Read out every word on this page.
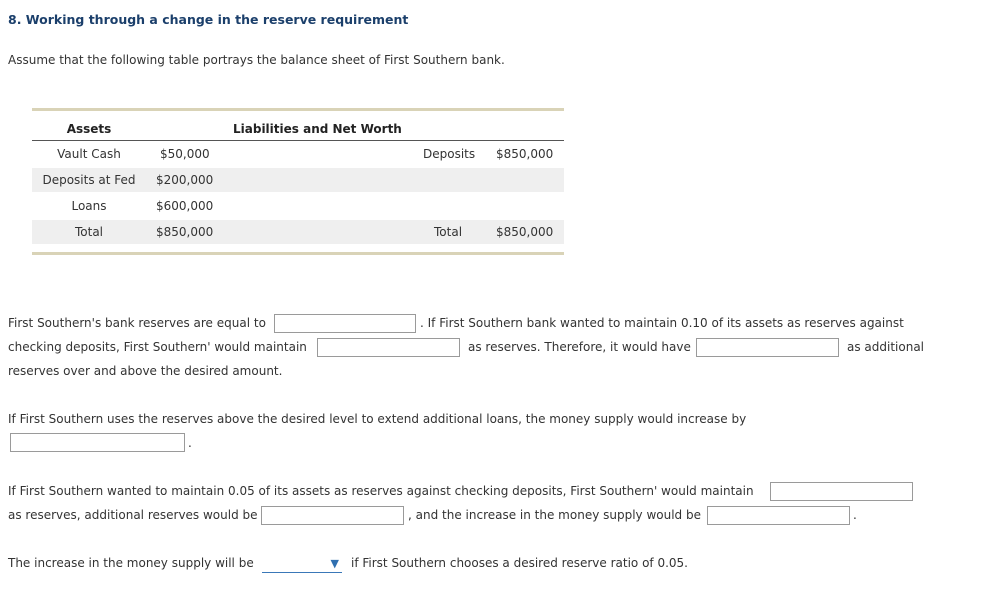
8. Working through a change in the reserve requirement
Assume that the following table portrays the balance sheet of First Southern bank.
Assets	Liabilities and Net Worth
Vault Cash	$50,000	Deposits $850,000
Deposits at Fed	$200,000
Loans	$600,000
Total	$850,000	Total	$850,000
First Southern's bank reserves are equal to	. If First Southern bank wanted to maintain 0.10 of its assets as reserves against
checking deposits, First Southern' would maintain	as reserves. Therefore, it would have	as additional
reserves over and above the desired amount.
If First Southern uses the reserves above the desired level to extend additional loans, the money supply would increase by
.
If First Southern wanted to maintain 0.05 of its assets as reserves against checking deposits, First Southern' would maintain
as reserves, additional reserves would be	, and the increase in the money supply would be	.
The increase in the money supply will be	▼ if First Southern chooses a desired reserve ratio of 0.05.
